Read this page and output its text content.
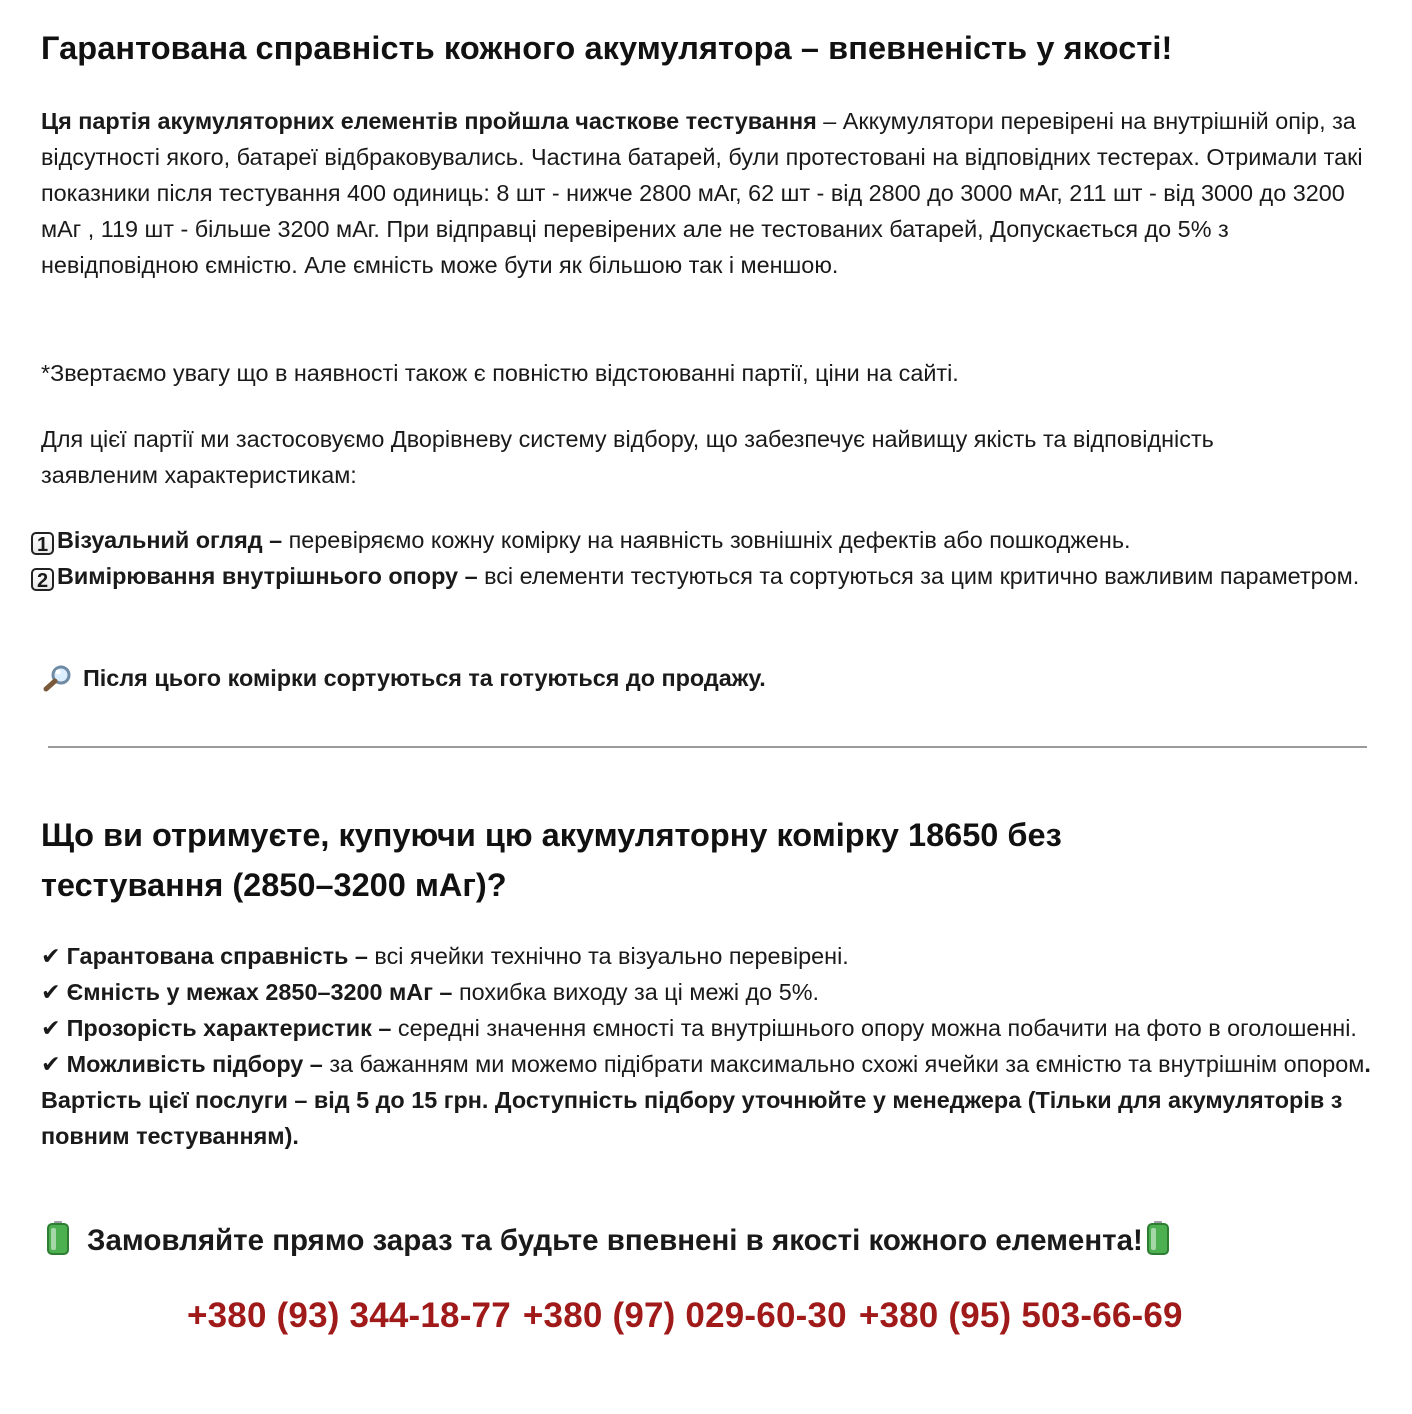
Гарантована справність кожного акумулятора – впевненість у якості!

Ця партія акумуляторних елементів пройшла часткове тестування – Аккумулятори перевірені на внутрішній опір, за відсутності якого, батареї відбраковувались. Частина батарей, були протестовані на відповідних тестерах. Отримали такі показники після тестування 400 одиниць: 8 шт - нижче 2800 мАг, 62 шт - від 2800 до 3000 мАг, 211 шт - від 3000 до 3200 мАг , 119 шт - більше 3200 мАг. При відправці перевірених але не тестованих батарей, Допускається до 5% з невідповідною ємністю. Але ємність може бути як більшою так і меншою.

*Звертаємо увагу що в наявності також є повністю відстоюванні партії, ціни на сайті.

Для цієї партії ми застосовуємо Дворівневу систему відбору, що забезпечує найвищу якість та відповідність заявленим характеристикам:

1 Візуальний огляд – перевіряємо кожну комірку на наявність зовнішніх дефектів або пошкоджень.
2 Вимірювання внутрішнього опору – всі елементи тестуються та сортуються за цим критично важливим параметром.

Після цього комірки сортуються та готуються до продажу.

Що ви отримуєте, купуючи цю акумуляторну комірку 18650 без тестування (2850–3200 мАг)?

✔ Гарантована справність – всі ячейки технічно та візуально перевірені.
✔ Ємність у межах 2850–3200 мАг – похибка виходу за ці межі до 5%.
✔ Прозорість характеристик – середні значення ємності та внутрішнього опору можна побачити на фото в оголошенні.
✔ Можливість підбору – за бажанням ми можемо підібрати максимально схожі ячейки за ємністю та внутрішнім опором. Вартість цієї послуги – від 5 до 15 грн. Доступність підбору уточнюйте у менеджера (Тільки для акумуляторів з повним тестуванням).

Замовляйте прямо зараз та будьте впевнені в якості кожного елемента!
+380 (93) 344-18-77 +380 (97) 029-60-30 +380 (95) 503-66-69
